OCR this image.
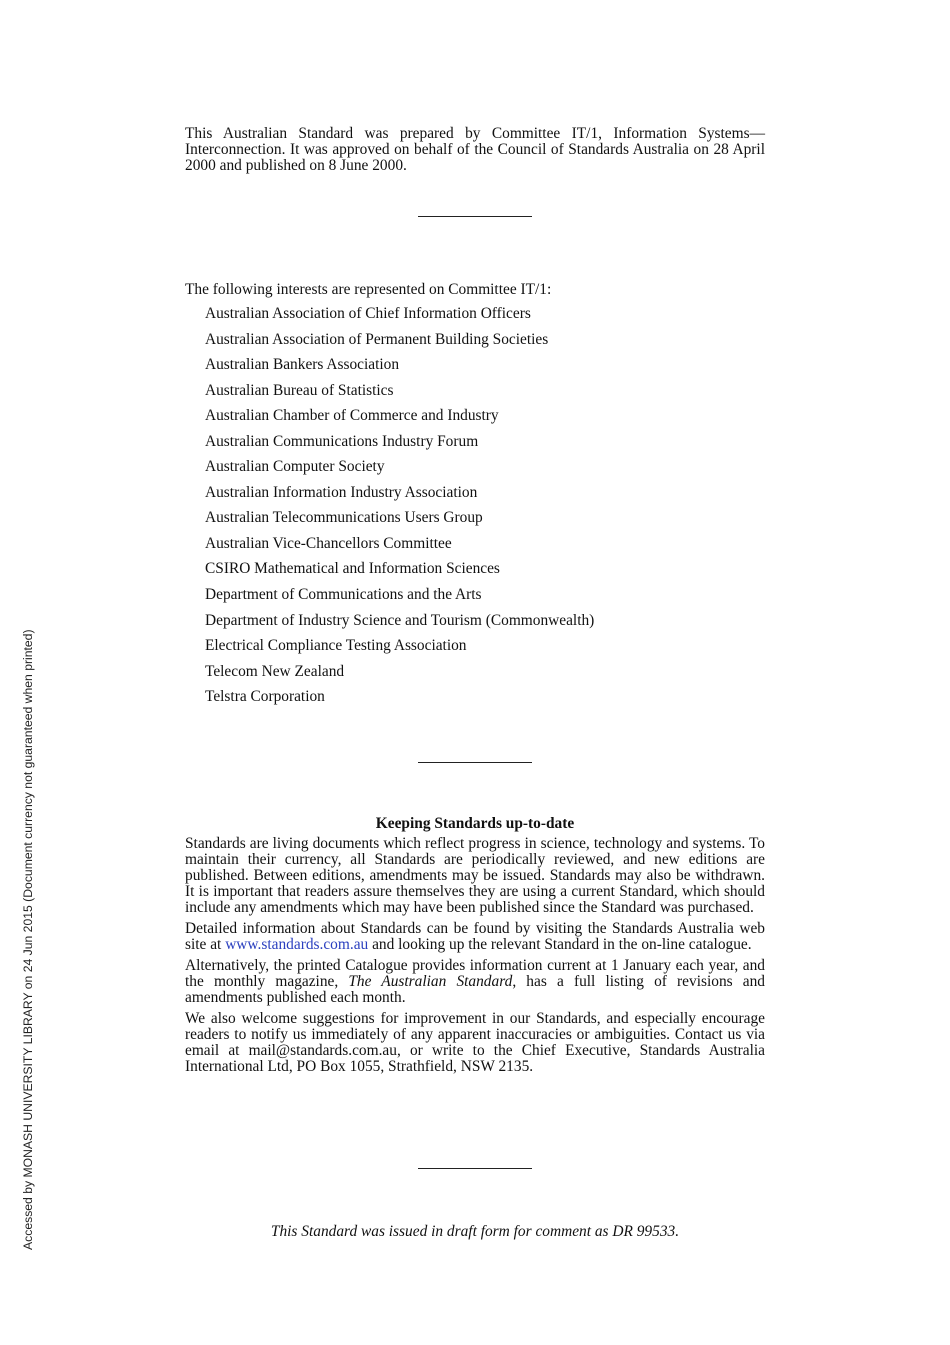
This Australian Standard was prepared by Committee IT/1, Information Systems—Interconnection. It was approved on behalf of the Council of Standards Australia on 28 April 2000 and published on 8 June 2000.
The following interests are represented on Committee IT/1:
Australian Association of Chief Information Officers
Australian Association of Permanent Building Societies
Australian Bankers Association
Australian Bureau of Statistics
Australian Chamber of Commerce and Industry
Australian Communications Industry Forum
Australian Computer Society
Australian Information Industry Association
Australian Telecommunications Users Group
Australian Vice-Chancellors Committee
CSIRO Mathematical and Information Sciences
Department of Communications and the Arts
Department of Industry Science and Tourism (Commonwealth)
Electrical Compliance Testing Association
Telecom New Zealand
Telstra Corporation
Keeping Standards up-to-date

Standards are living documents which reflect progress in science, technology and systems. To maintain their currency, all Standards are periodically reviewed, and new editions are published. Between editions, amendments may be issued. Standards may also be withdrawn. It is important that readers assure themselves they are using a current Standard, which should include any amendments which may have been published since the Standard was purchased.

Detailed information about Standards can be found by visiting the Standards Australia web site at www.standards.com.au and looking up the relevant Standard in the on-line catalogue.

Alternatively, the printed Catalogue provides information current at 1 January each year, and the monthly magazine, The Australian Standard, has a full listing of revisions and amendments published each month.

We also welcome suggestions for improvement in our Standards, and especially encourage readers to notify us immediately of any apparent inaccuracies or ambiguities. Contact us via email at mail@standards.com.au, or write to the Chief Executive, Standards Australia International Ltd, PO Box 1055, Strathfield, NSW 2135.

This Standard was issued in draft form for comment as DR 99533.
Accessed by MONASH UNIVERSITY LIBRARY on 24 Jun 2015 (Document currency not guaranteed when printed)
